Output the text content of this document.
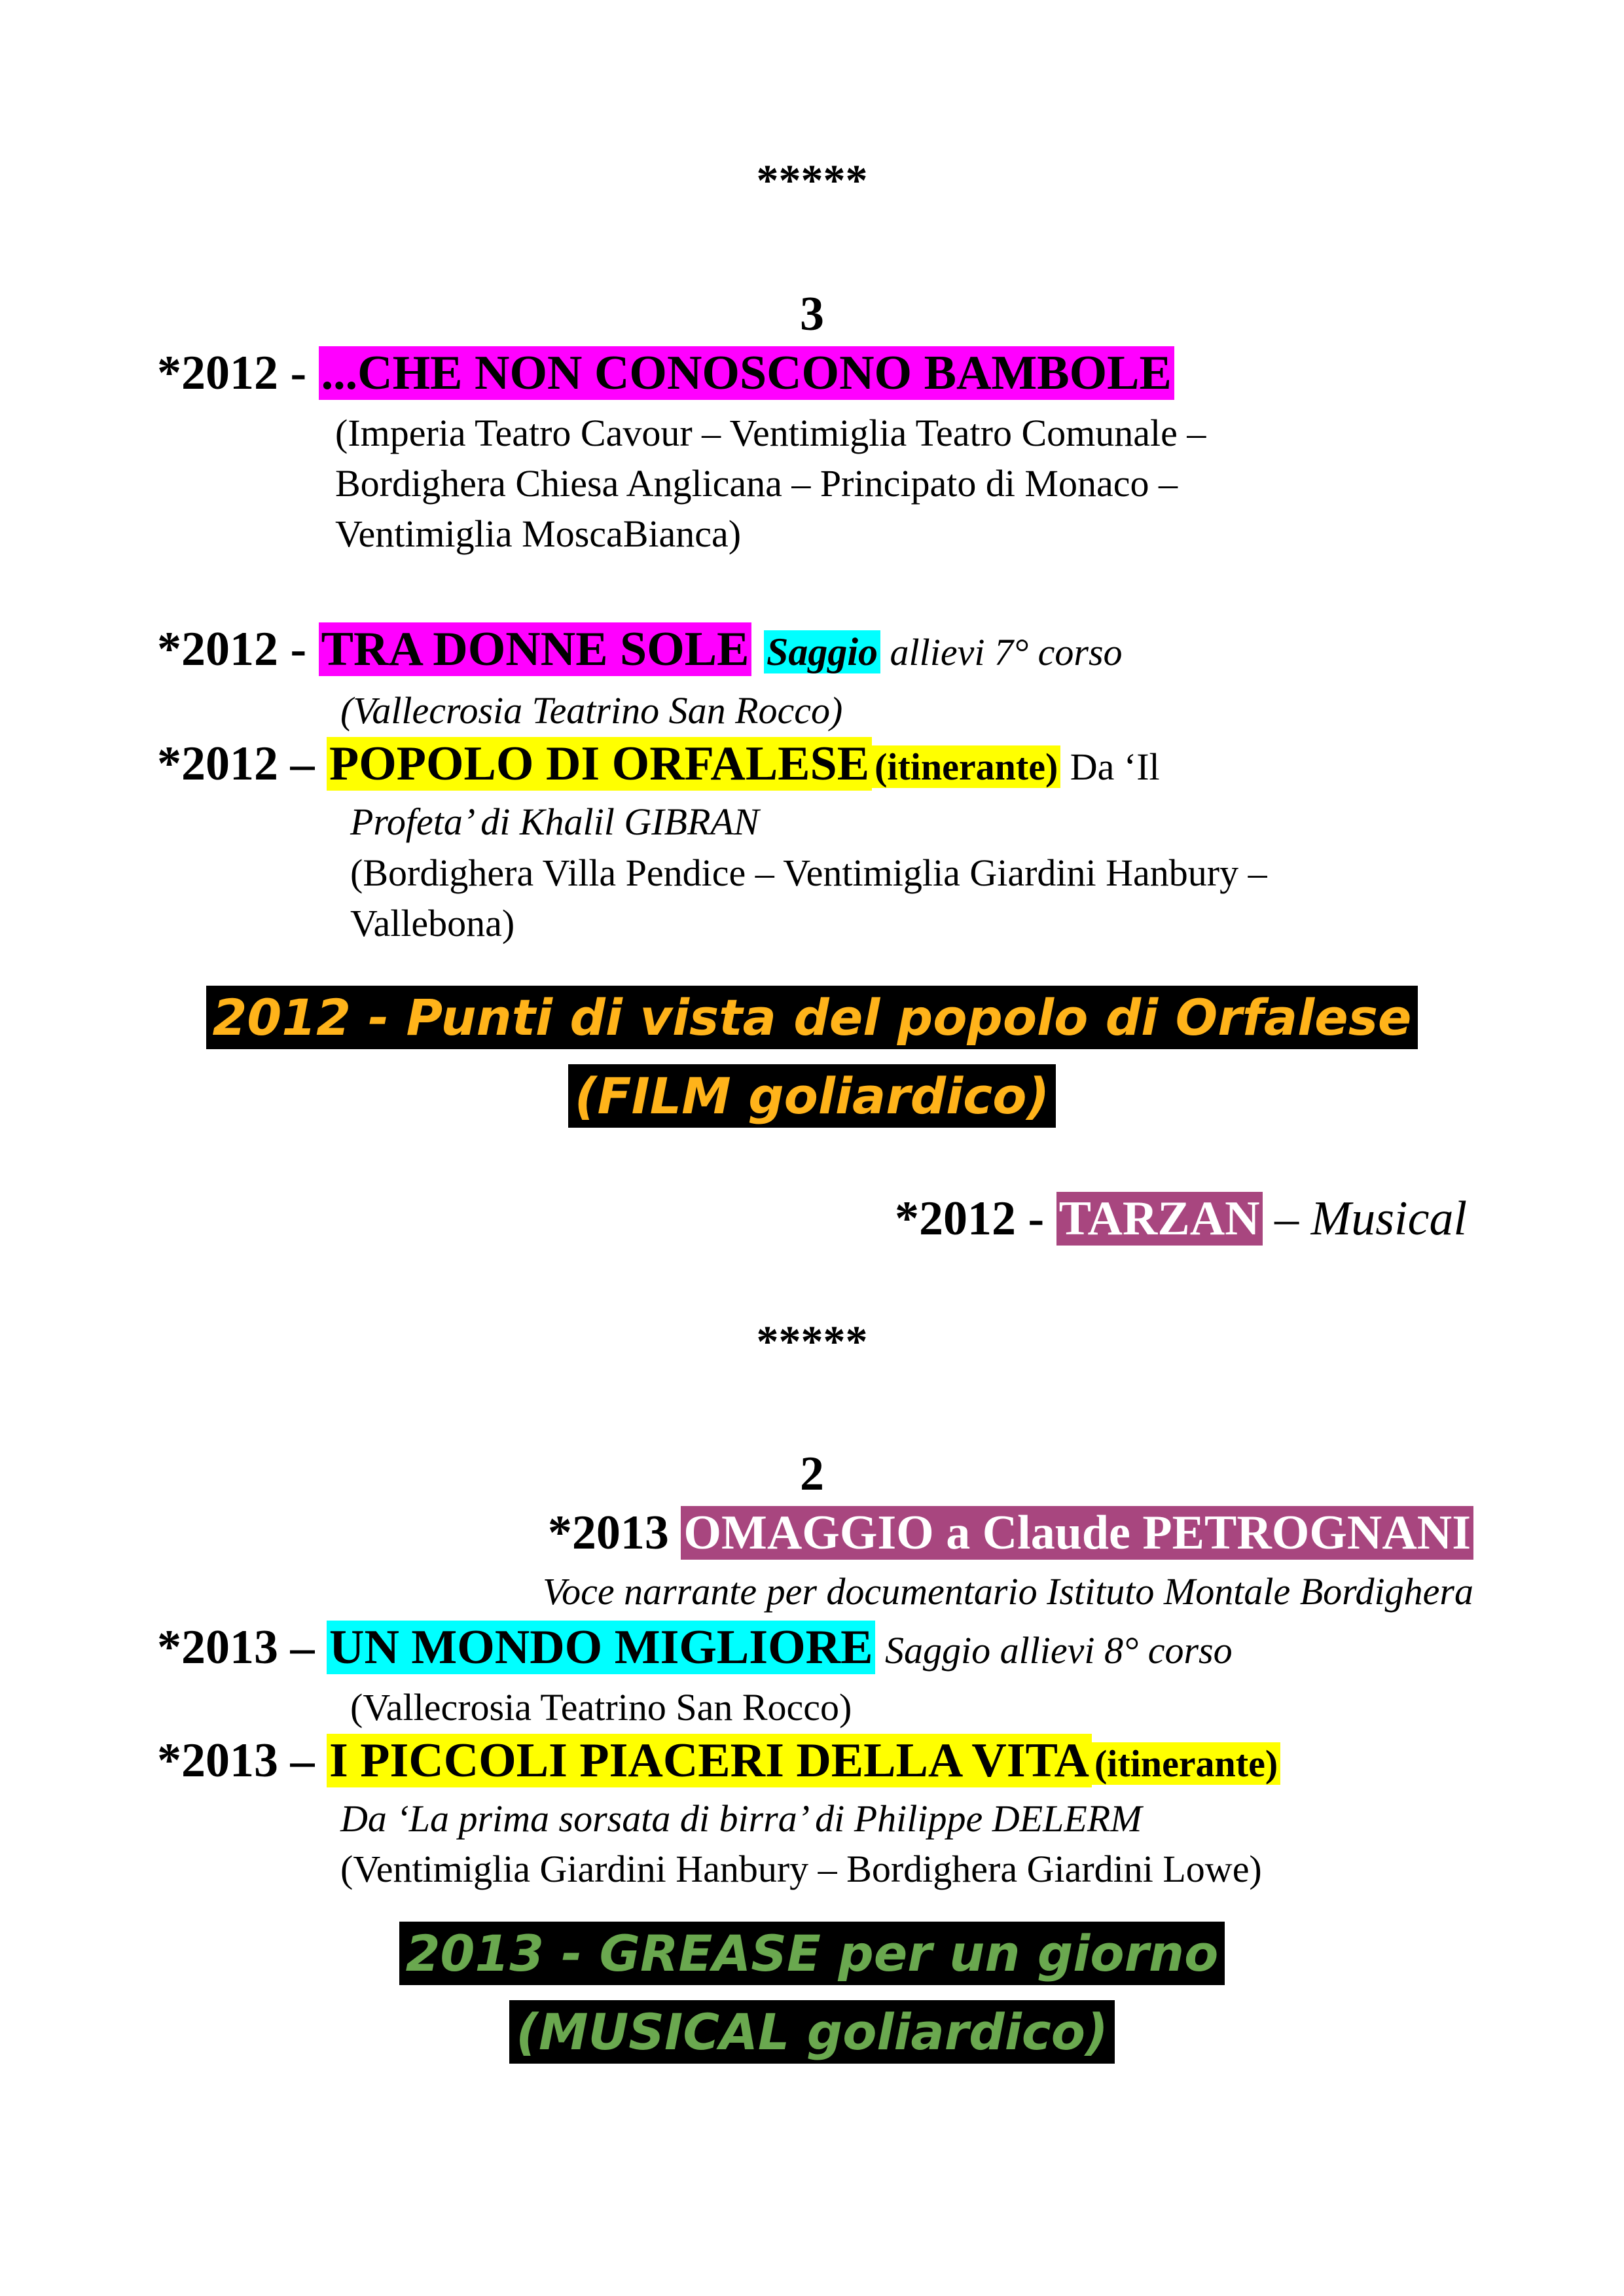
*****
3
*2012 - ...CHE NON CONOSCONO BAMBOLE
(Imperia Teatro Cavour – Ventimiglia Teatro Comunale –
Bordighera Chiesa Anglicana – Principato di Monaco –
Ventimiglia MoscaBianca)
*2012 - TRA DONNE SOLE Saggio allievi 7° corso
(Vallecrosia Teatrino San Rocco)
*2012 – POPOLO DI ORFALESE (itinerante) Da ‘Il
Profeta’ di Khalil GIBRAN
(Bordighera Villa Pendice – Ventimiglia Giardini Hanbury –
Vallebona)
2012 - Punti di vista del popolo di Orfalese
(FILM goliardico)
*2012 - TARZAN – Musical
*****
2
*2013 OMAGGIO a Claude PETROGNANI
Voce narrante per documentario Istituto Montale Bordighera
*2013 – UN MONDO MIGLIORE Saggio allievi 8° corso
(Vallecrosia Teatrino San Rocco)
*2013 – I PICCOLI PIACERI DELLA VITA (itinerante)
Da ‘La prima sorsata di birra’ di Philippe DELERM
(Ventimiglia Giardini Hanbury – Bordighera Giardini Lowe)
2013 - GREASE per un giorno
(MUSICAL goliardico)
